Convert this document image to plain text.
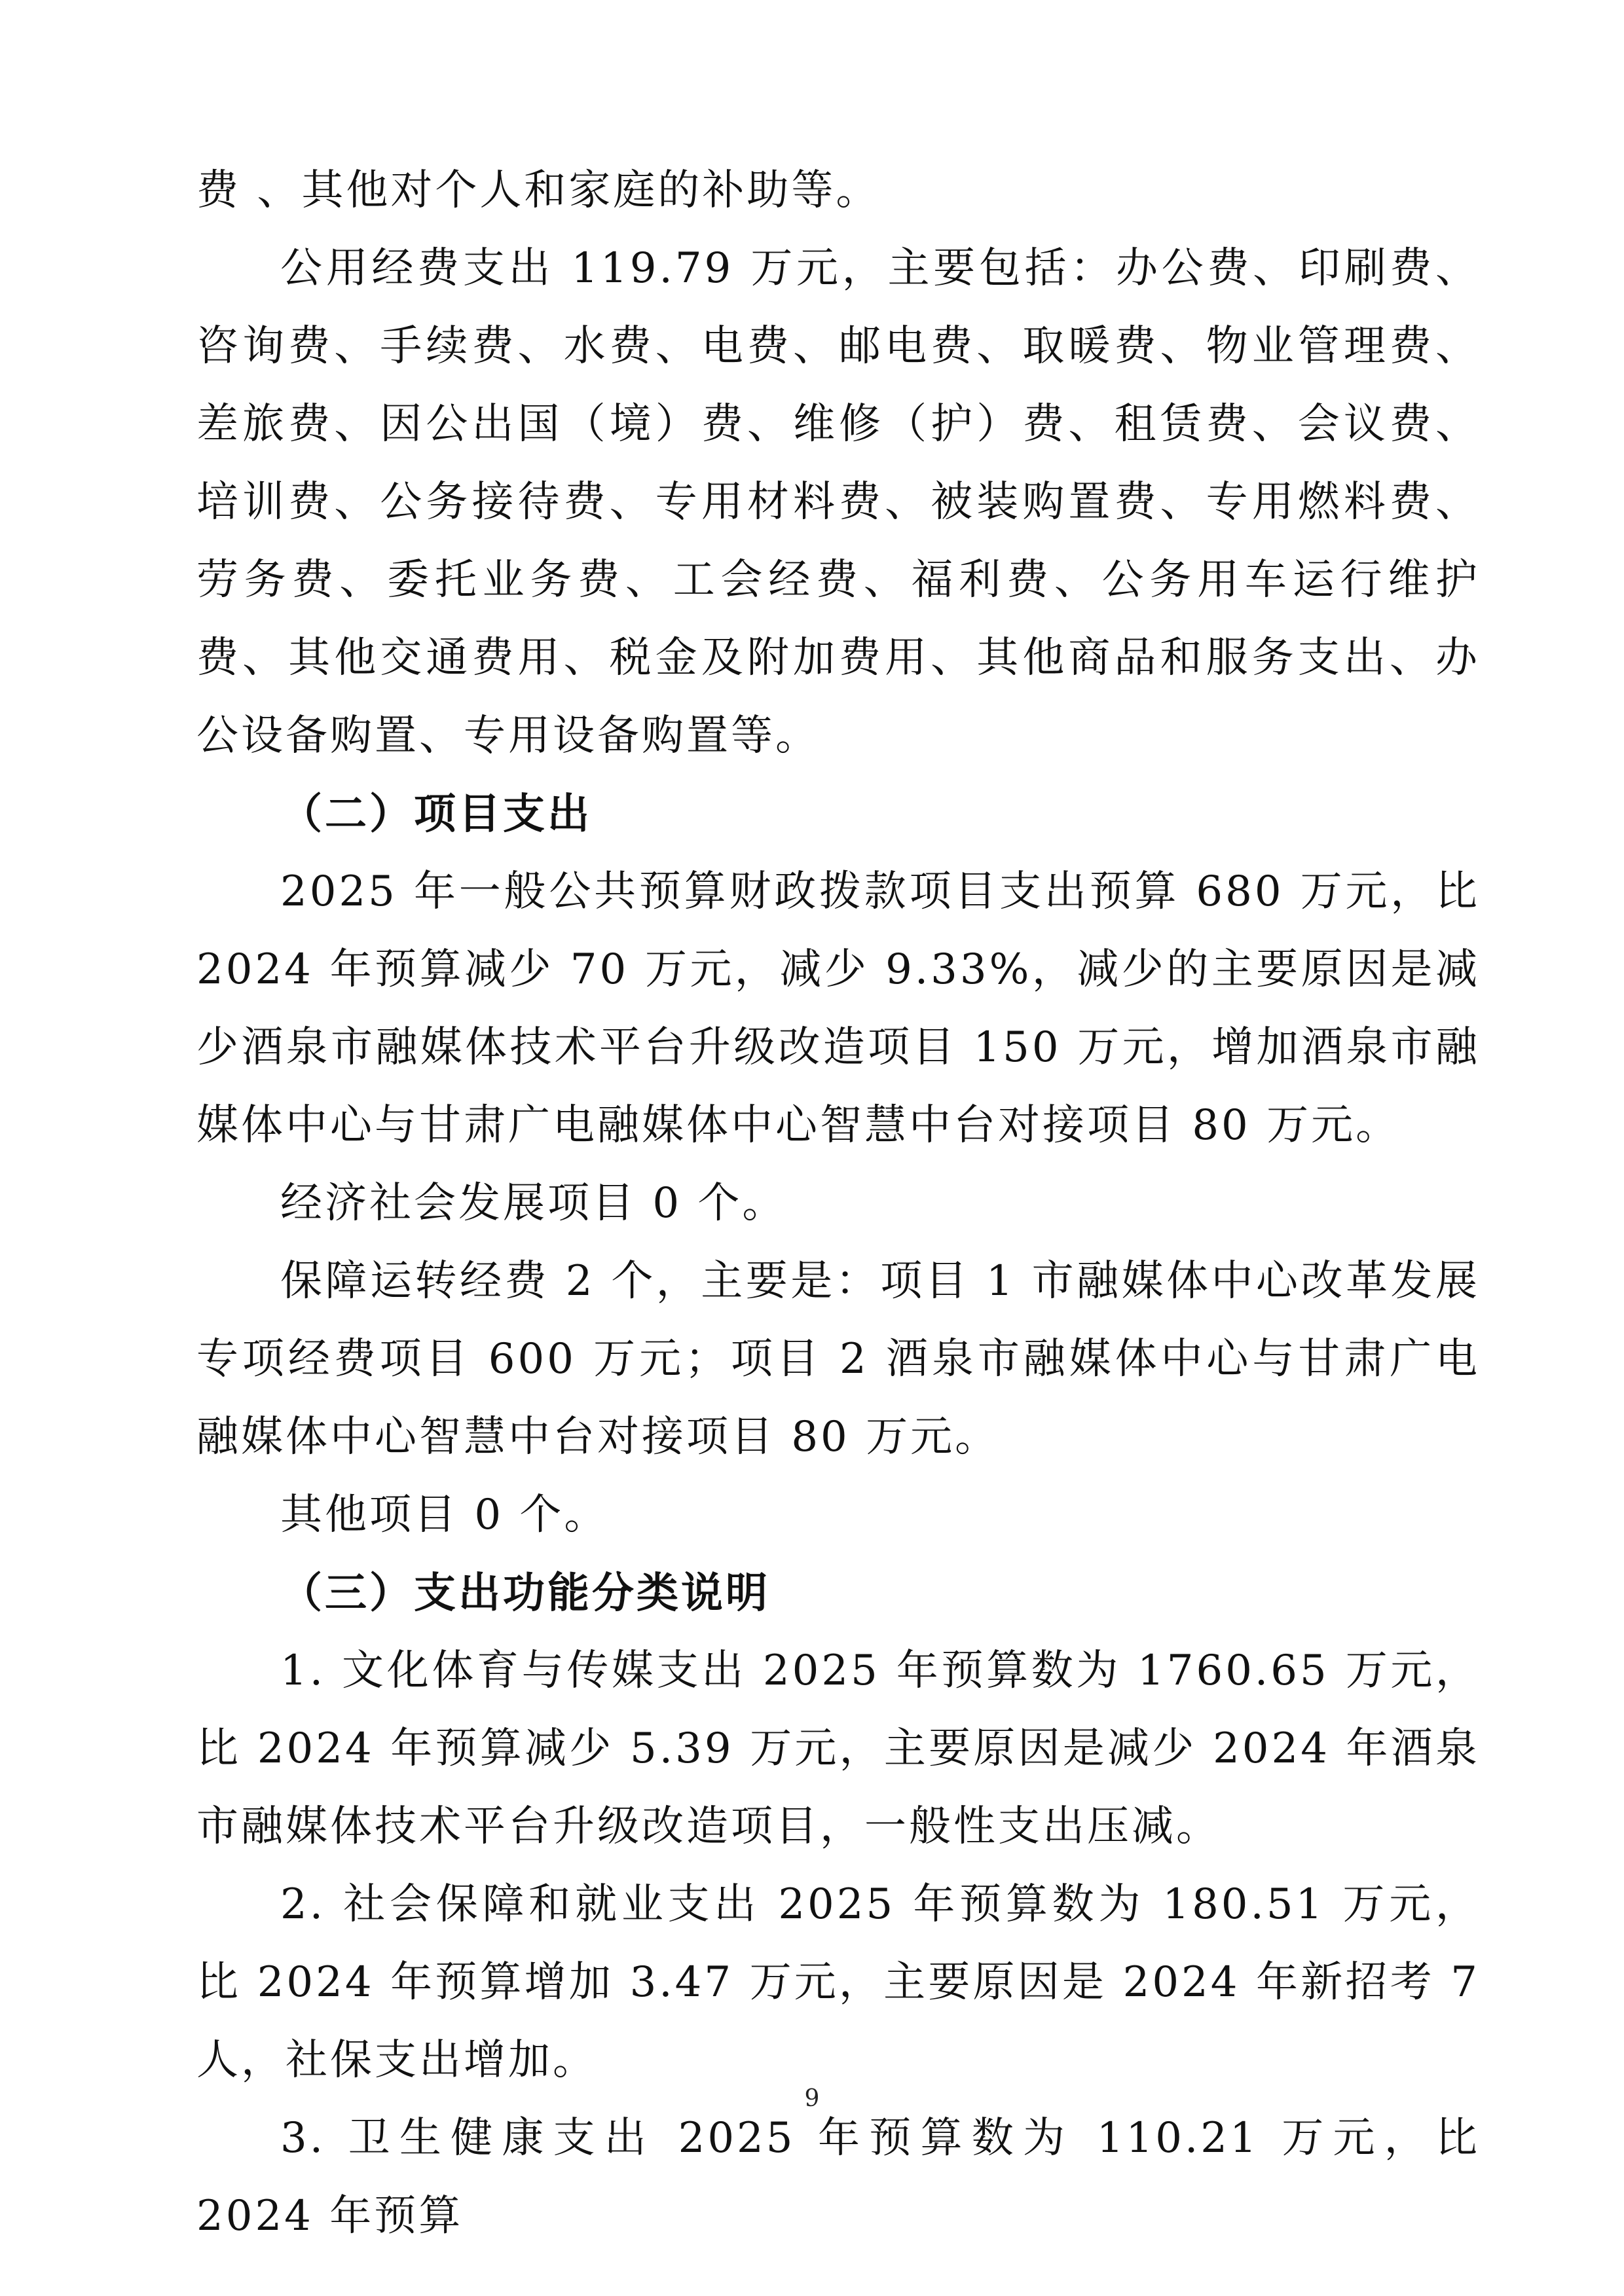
费 、其他对个人和家庭的补助等。

公用经费支出 119.79 万元，主要包括：办公费、印刷费、咨询费、手续费、水费、电费、邮电费、取暖费、物业管理费、差旅费、因公出国（境）费、维修（护）费、租赁费、会议费、培训费、公务接待费、专用材料费、被装购置费、专用燃料费、劳务费、委托业务费、工会经费、福利费、公务用车运行维护费、其他交通费用、税金及附加费用、其他商品和服务支出、办公设备购置、专用设备购置等。

（二）项目支出

2025 年一般公共预算财政拨款项目支出预算 680 万元，比 2024 年预算减少 70 万元，减少 9.33%，减少的主要原因是减少酒泉市融媒体技术平台升级改造项目 150 万元，增加酒泉市融媒体中心与甘肃广电融媒体中心智慧中台对接项目 80 万元。

经济社会发展项目 0 个。

保障运转经费 2 个，主要是：项目 1 市融媒体中心改革发展专项经费项目 600 万元；项目 2 酒泉市融媒体中心与甘肃广电融媒体中心智慧中台对接项目 80 万元。

其他项目 0 个。

（三）支出功能分类说明

1. 文化体育与传媒支出 2025 年预算数为 1760.65 万元，比 2024 年预算减少 5.39 万元，主要原因是减少 2024 年酒泉市融媒体技术平台升级改造项目，一般性支出压减。

2. 社会保障和就业支出 2025 年预算数为 180.51 万元，比 2024 年预算增加 3.47 万元，主要原因是 2024 年新招考 7 人，社保支出增加。

3. 卫生健康支出 2025 年预算数为 110.21 万元，比 2024 年预算

9
